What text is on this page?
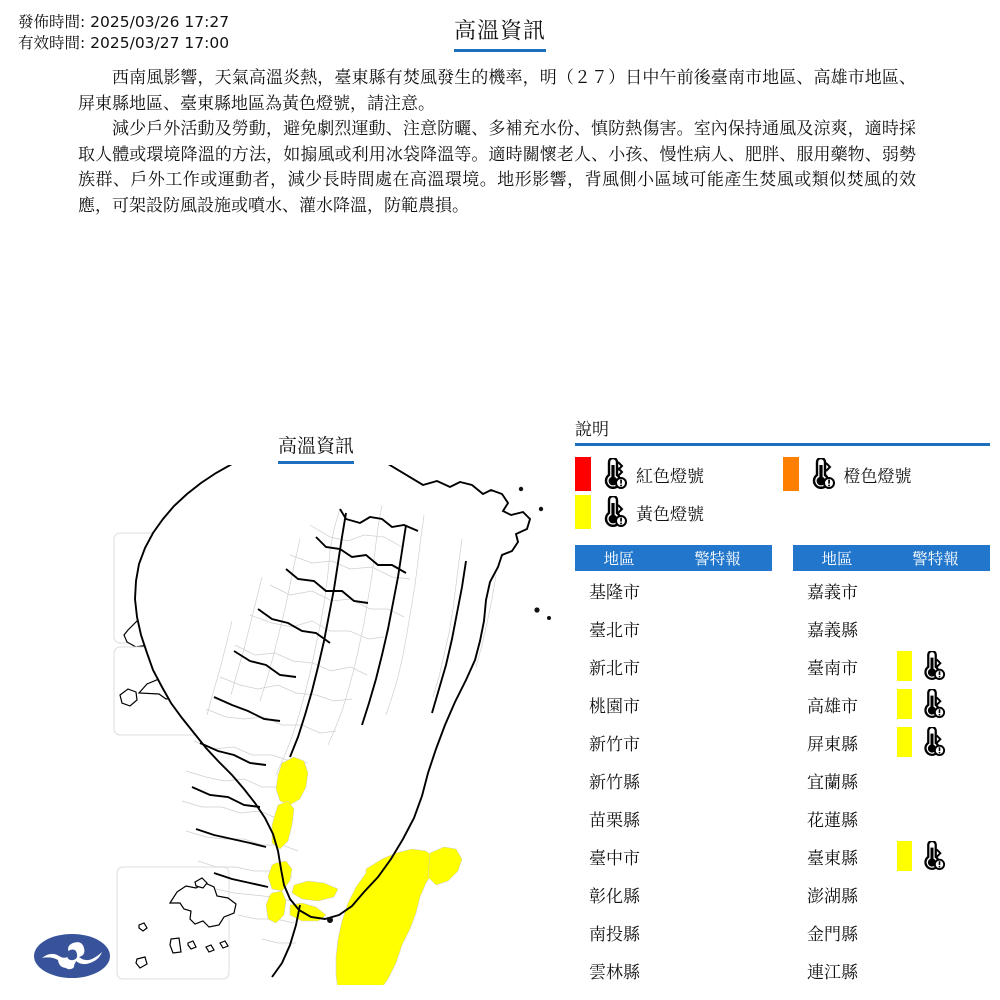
發佈時間: 2025/03/26 17:27
有效時間: 2025/03/27 17:00	高溫資訊

西南風影響，天氣高溫炎熱，臺東縣有焚風發生的機率，明（２７）日中午前後臺南市地區、高雄市地區、屏東縣地區、臺東縣地區為黃色燈號，請注意。

減少戶外活動及勞動，避免劇烈運動、注意防曬、多補充水份、慎防熱傷害。室內保持通風及涼爽，適時採取人體或環境降溫的方法，如搧風或利用冰袋降溫等。適時關懷老人、小孩、慢性病人、肥胖、服用藥物、弱勢族群、戶外工作或運動者，減少長時間處在高溫環境。地形影響，背風側小區域可能產生焚風或類似焚風的效應，可架設防風設施或噴水、灌水降溫，防範農損。

高溫資訊
說明
紅色燈號	橙色燈號
黃色燈號
地區	警特報
基隆市
臺北市
新北市
桃園市
新竹市
新竹縣
苗栗縣
臺中市
彰化縣
南投縣
雲林縣
地區	警特報
嘉義市
嘉義縣
臺南市
高雄市
屏東縣
宜蘭縣
花蓮縣
臺東縣
澎湖縣
金門縣
連江縣
